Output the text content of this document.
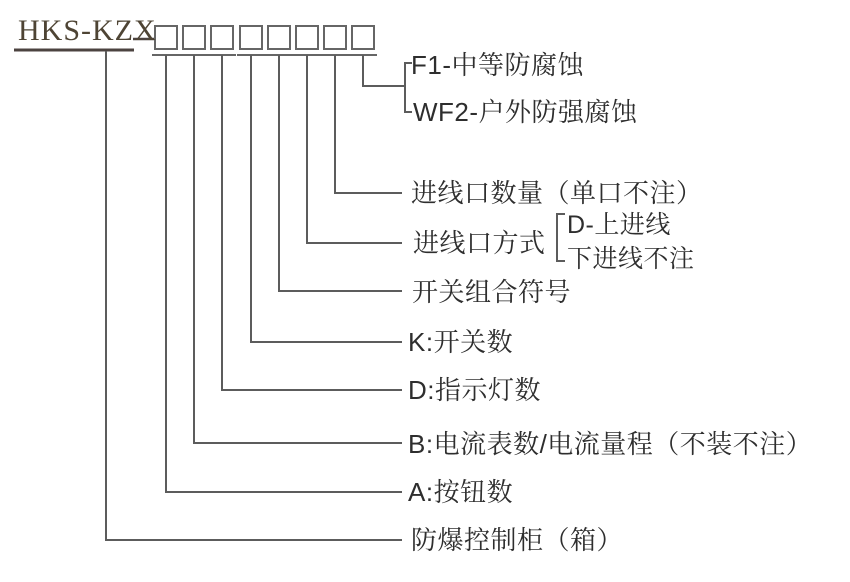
HKS-KZX
F1-中等防腐蚀
WF2-户外防强腐蚀
进线口数量（单口不注）
进线口方式
D-上进线
下进线不注
开关组合符号
K:开关数
D:指示灯数
B:电流表数/电流量程（不装不注）
A:按钮数
防爆控制柜（箱）
